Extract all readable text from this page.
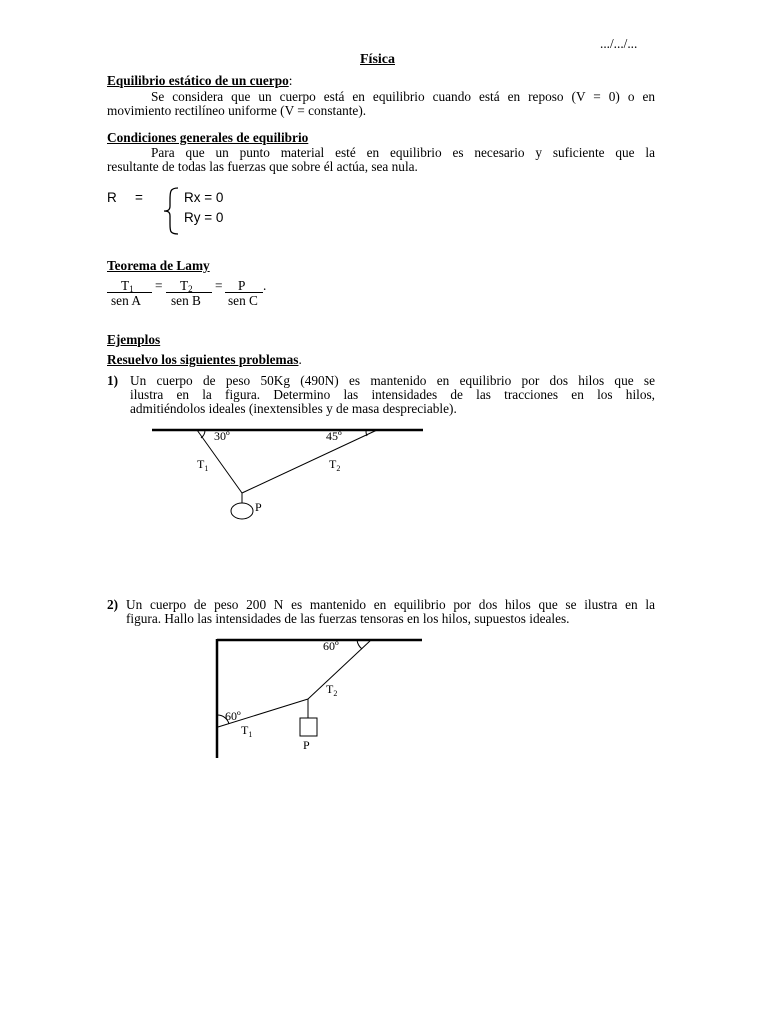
.../.../...
Física
Equilibrio estático de un cuerpo:
Se considera que un cuerpo está en equilibrio cuando está en reposo (V = 0) o en
movimiento rectilíneo uniforme (V = constante).
Condiciones generales de equilibrio
Para que un punto material esté en equilibrio es necesario y suficiente que la
resultante de todas las fuerzas que sobre él actúa, sea nula.
R =	Rx = 0
Ry = 0
Teorema de Lamy
$T_1 = T_2 = P$ .
sen A sen B sen C
Ejemplos
Resuelvo los siguientes problemas.
1) Un cuerpo de peso 50Kg (490N) es mantenido en equilibrio por dos hilos que se
ilustra en la figura. Determino las intensidades de las tracciones en los hilos,
admitiéndolos ideales (inextensibles y de masa despreciable).
30º	45º
$T_1$	$T_2$
P
2) Un cuerpo de peso 200 N es mantenido en equilibrio por dos hilos que se ilustra en la
figura. Hallo las intensidades de las fuerzas tensoras en los hilos, supuestos ideales.
60º
60º
$T_1$
$T_2$
P
